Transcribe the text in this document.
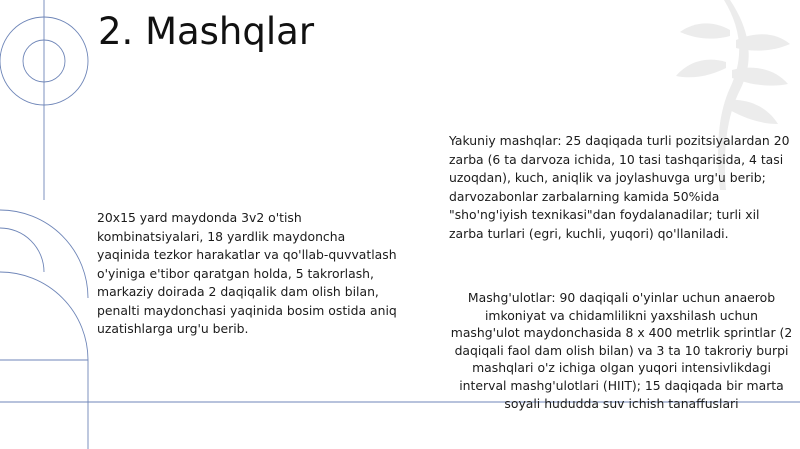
2. Mashqlar

20x15 yard maydonda 3v2 o'tish kombinatsiyalari, 18 yardlik maydoncha yaqinida tezkor harakatlar va qo'llab-quvvatlash o'yiniga e'tibor qaratgan holda, 5 takrorlash, markaziy doirada 2 daqiqalik dam olish bilan, penalti maydonchasi yaqinida bosim ostida aniq uzatishlarga urg'u berib.

Yakuniy mashqlar: 25 daqiqada turli pozitsiyalardan 20 zarba (6 ta darvoza ichida, 10 tasi tashqarisida, 4 tasi uzoqdan), kuch, aniqlik va joylashuvga urg'u berib; darvozabonlar zarbalarning kamida 50%ida "sho'ng'iyish texnikasi"dan foydalanadilar; turli xil zarba turlari (egri, kuchli, yuqori) qo'llaniladi.

Mashg'ulotlar: 90 daqiqali o'yinlar uchun anaerob imkoniyat va chidamlilikni yaxshilash uchun mashg'ulot maydonchasida 8 x 400 metrlik sprintlar (2 daqiqali faol dam olish bilan) va 3 ta 10 takroriy burpi mashqlari o'z ichiga olgan yuqori intensivlikdagi interval mashg'ulotlari (HIIT); 15 daqiqada bir marta soyali hududda suv ichish tanaffuslari
